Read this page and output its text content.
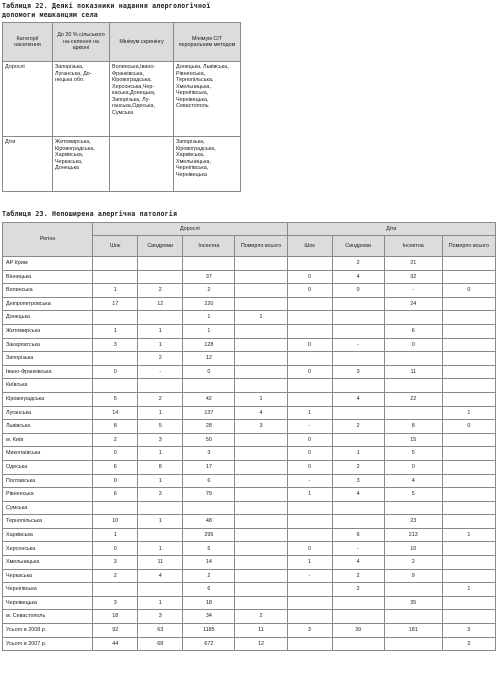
Таблиця 22. Деякі показники надання алергологічної
допомоги мешканцям села
Категорії населення	До 20 % сільського на-селення на аркіоні	Мінімум скринінгу	Мінімум СІТ пероральним методом
Дорослі	Запорізька, Луганська, До-нецька обл.	Волинська,Івано-Франківська, Кіровоградська, Херсонська,Чер-каська,Донецька, Запорізька, Лу-ганська,Одеська, Сумська	Донецька, Львівська, Рівненська, Тернопільська, Хмельницька, Чернігівська, Чернівецька, Севастополь
Діти	Житомирська, Кіровоградська, Харківська, Черкаська, Донецька		Запорізька, Кіровоградська, Харківська, Хмельницька, Чернігівська, Чернівецька
Таблиця 23. Непоширена алергічна патологія
Регіон	Дорослі				Діти			
	Шок	Синдроми	Інсектна	Померло всього	Шок	Синдроми	Інсектна	Померло всього
АР Крим						2	21	
Вінницька			37		0	4	32	
Волинська	1	2	2		0	0	-	0
Дніпропетровська	17	12	220				24	
Донецька			1	1				
Житомирська	1	1	1				6	
Закарпатська	3	1	128		0	-	0	
Запорізька		2	12					
Івано-Франківська	0	-	0		0	3	11	
Київська								
Кіровоградська	5	2	42	1		4	22	
Луганська	14	1	137	4	1			1
Львівська	8	5	28	3	-	2	8	0
м. Київ	2	3	50		0		15	
Миколаївська	0	1	3		0	1	5	
Одеська	6	8	17		0	2	0	
Полтавська	0	1	6		-	3	4	
Рівненська	6	3	79		1	4	5	
Сумська								
Тернопільська	10	1	48				23	
Харківська	1		295			6	213	1
Херсонська	0	1	5		0	-	10	
Хмельницька	3	11	14		1	4	2	
Черкаська	2	4	2		-	2	9	
Чернігівська			6			2		1
Чернівецька	3	1	18				35	
м. Севастополь	18	3	34	2				
Усього в 2008 р.	92	63	1185	11	3	39	181	3
Усього в 2007 р.	44	68	672	12				2
